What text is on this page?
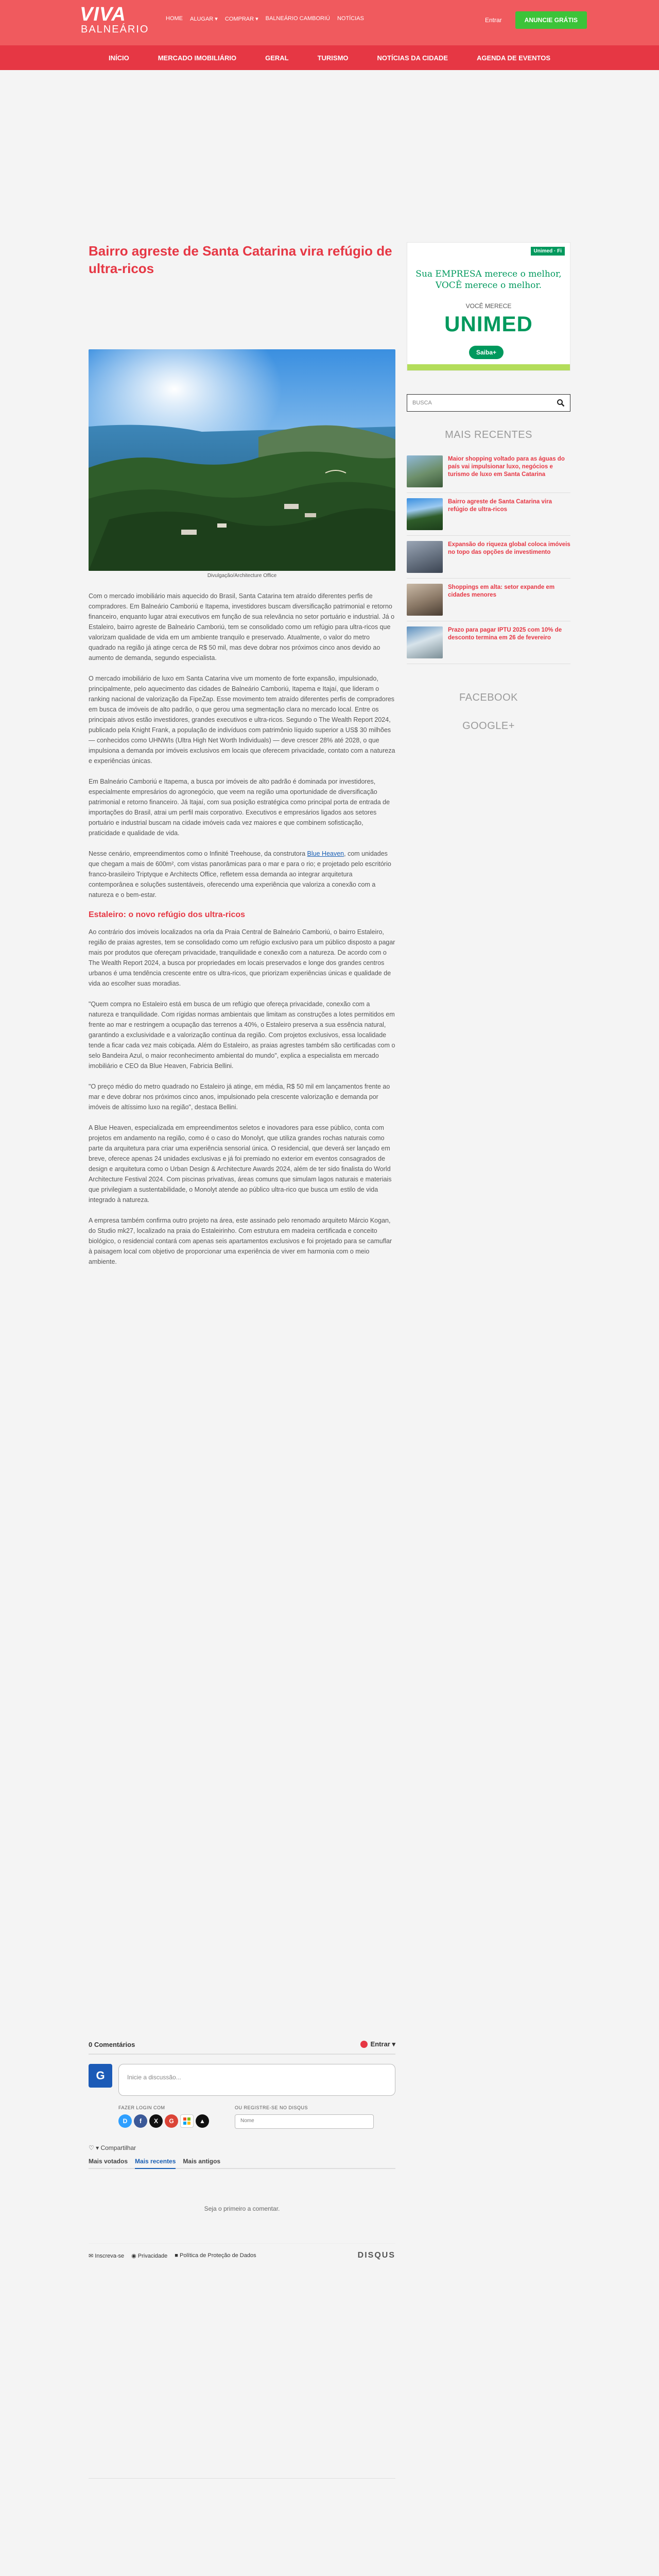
VIVA
BALNEÁRIO
HOME ALUGAR ▾ COMPRAR ▾ BALNEÁRIO CAMBORIÚ NOTÍCIAS	Entrar	ANUNCIE GRÁTIS
INÍCIO	MERCADO IMOBILIÁRIO	GERAL	TURISMO	NOTÍCIAS DA CIDADE	AGENDA DE EVENTOS
Bairro agreste de Santa Catarina vira refúgio de ultra-ricos
Divulgação/Architecture Office

Com o mercado imobiliário mais aquecido do Brasil, Santa Catarina tem atraído diferentes perfis de compradores. Em Balneário Camboriú e Itapema, investidores buscam diversificação patrimonial e retorno financeiro, enquanto lugar atrai executivos em função de sua relevância no setor portuário e industrial. Já o Estaleiro, bairro agreste de Balneário Camboriú, tem se consolidado como um refúgio para ultra-ricos que valorizam qualidade de vida em um ambiente tranquilo e preservado. Atualmente, o valor do metro quadrado na região já atinge cerca de R$ 50 mil, mas deve dobrar nos próximos cinco anos devido ao aumento de demanda, segundo especialista.

O mercado imobiliário de luxo em Santa Catarina vive um momento de forte expansão, impulsionado, principalmente, pelo aquecimento das cidades de Balneário Camboriú, Itapema e Itajaí, que lideram o ranking nacional de valorização da FipeZap. Esse movimento tem atraído diferentes perfis de compradores em busca de imóveis de alto padrão, o que gerou uma segmentação clara no mercado local. Entre os principais ativos estão investidores, grandes executivos e ultra-ricos. Segundo o The Wealth Report 2024, publicado pela Knight Frank, a população de indivíduos com patrimônio líquido superior a US$ 30 milhões — conhecidos como UHNWIs (Ultra High Net Worth Individuals) — deve crescer 28% até 2028, o que impulsiona a demanda por imóveis exclusivos em locais que oferecem privacidade, contato com a natureza e experiências únicas.

Em Balneário Camboriú e Itapema, a busca por imóveis de alto padrão é dominada por investidores, especialmente empresários do agronegócio, que veem na região uma oportunidade de diversificação patrimonial e retorno financeiro. Já Itajaí, com sua posição estratégica como principal porta de entrada de importações do Brasil, atrai um perfil mais corporativo. Executivos e empresários ligados aos setores portuário e industrial buscam na cidade imóveis cada vez maiores e que combinem sofisticação, praticidade e qualidade de vida.

Nesse cenário, empreendimentos como o Infinité Treehouse, da construtora Blue Heaven, com unidades que chegam a mais de 600m², com vistas panorâmicas para o mar e para o rio; e projetado pelo escritório franco-brasileiro Triptyque e Architects Office, refletem essa demanda ao integrar arquitetura contemporânea e soluções sustentáveis, oferecendo uma experiência que valoriza a conexão com a natureza e o bem-estar.

Estaleiro: o novo refúgio dos ultra-ricos

Ao contrário dos imóveis localizados na orla da Praia Central de Balneário Camboriú, o bairro Estaleiro, região de praias agrestes, tem se consolidado como um refúgio exclusivo para um público disposto a pagar mais por produtos que ofereçam privacidade, tranquilidade e conexão com a natureza. De acordo com o The Wealth Report 2024, a busca por propriedades em locais preservados e longe dos grandes centros urbanos é uma tendência crescente entre os ultra-ricos, que priorizam experiências únicas e qualidade de vida ao escolher suas moradias.

"Quem compra no Estaleiro está em busca de um refúgio que ofereça privacidade, conexão com a natureza e tranquilidade. Com rígidas normas ambientais que limitam as construções a lotes permitidos em frente ao mar e restringem a ocupação das terrenos a 40%, o Estaleiro preserva a sua essência natural, garantindo a exclusividade e a valorização contínua da região. Com projetos exclusivos, essa localidade tende a ficar cada vez mais cobiçada. Além do Estaleiro, as praias agrestes também são certificadas com o selo Bandeira Azul, o maior reconhecimento ambiental do mundo", explica a especialista em mercado imobiliário e CEO da Blue Heaven, Fabricia Bellini.

"O preço médio do metro quadrado no Estaleiro já atinge, em média, R$ 50 mil em lançamentos frente ao mar e deve dobrar nos próximos cinco anos, impulsionado pela crescente valorização e demanda por imóveis de altíssimo luxo na região", destaca Bellini.

A Blue Heaven, especializada em empreendimentos seletos e inovadores para esse público, conta com projetos em andamento na região, como é o caso do Monolyt, que utiliza grandes rochas naturais como parte da arquitetura para criar uma experiência sensorial única. O residencial, que deverá ser lançado em breve, oferece apenas 24 unidades exclusivas e já foi premiado no exterior em eventos consagrados de design e arquitetura como o Urban Design & Architecture Awards 2024, além de ter sido finalista do World Architecture Festival 2024. Com piscinas privativas, áreas comuns que simulam lagos naturais e materiais que privilegiam a sustentabilidade, o Monolyt atende ao público ultra-rico que busca um estilo de vida integrado à natureza.

A empresa também confirma outro projeto na área, este assinado pelo renomado arquiteto Márcio Kogan, do Studio mk27, localizado na praia do Estaleirinho. Com estrutura em madeira certificada e conceito biológico, o residencial contará com apenas seis apartamentos exclusivos e foi projetado para se camuflar à paisagem local com objetivo de proporcionar uma experiência de viver em harmonia com o meio ambiente.

Unimed · Fi
Sua EMPRESA merece o melhor,
VOCÊ merece o melhor.
VOCÊ MERECE
UNIMED
Saiba+
BUSCA
MAIS RECENTES
Maior shopping voltado para as águas do país vai impulsionar luxo, negócios e turismo de luxo em Santa Catarina
Bairro agreste de Santa Catarina vira refúgio de ultra-ricos
Expansão do riqueza global coloca imóveis no topo das opções de investimento
Shoppings em alta: setor expande em cidades menores
Prazo para pagar IPTU 2025 com 10% de desconto termina em 26 de fevereiro
FACEBOOK
GOOGLE+
0 Comentários	Entrar ▾
G	Inicie a discussão...
FAZER LOGIN COM
D	f	X	G	▲
OU REGISTRE-SE NO DISQUS
Nome
♡ ▾ Compartilhar
Mais votados Mais recentes Mais antigos
Seja o primeiro a comentar.
✉ Inscreva-se ◉ Privacidade ■ Política de Proteção de Dados	DISQUS
